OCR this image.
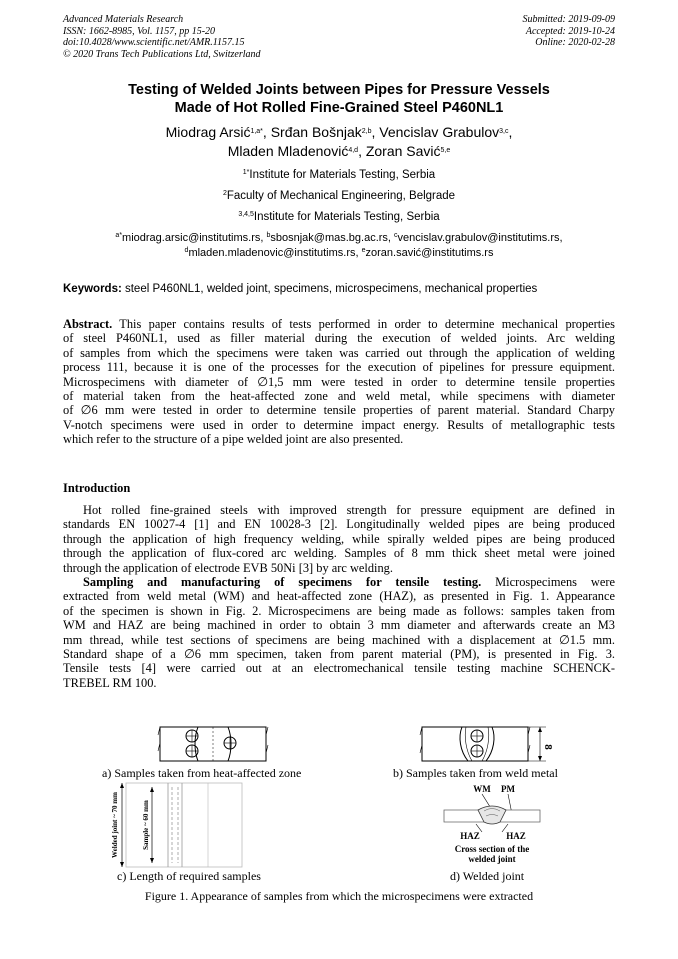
Advanced Materials Research
ISSN: 1662-8985, Vol. 1157, pp 15-20
doi:10.4028/www.scientific.net/AMR.1157.15
© 2020 Trans Tech Publications Ltd, Switzerland
Submitted: 2019-09-09
Accepted: 2019-10-24
Online: 2020-02-28
Testing of Welded Joints between Pipes for Pressure Vessels
Made of Hot Rolled Fine-Grained Steel P460NL1
Miodrag Arsić$^{1,a*}$, Srđan Bošnjak$^{2,b}$, Vencislav Grabulov$^{3,c}$,
Mladen Mladenović$^{4,d}$, Zoran Savić$^{5,e}$
$^{1*}$Institute for Materials Testing, Serbia
$^2$Faculty of Mechanical Engineering, Belgrade
$^{3,4,5}$Institute for Materials Testing, Serbia
$^{a*}$miodrag.arsic@institutims.rs, $^b$sbosnjak@mas.bg.ac.rs, $^c$vencislav.grabulov@institutims.rs,
$^d$mladen.mladenovic@institutims.rs, $^e$zoran.savić@institutims.rs
Keywords: steel P460NL1, welded joint, specimens, microspecimens, mechanical properties
Abstract. This paper contains results of tests performed in order to determine mechanical properties
of steel P460NL1, used as filler material during the execution of welded joints. Arc welding
of samples from which the specimens were taken was carried out through the application of welding
process 111, because it is one of the processes for the execution of pipelines for pressure equipment.
Microspecimens with diameter of ∅1,5 mm were tested in order to determine tensile properties
of material taken from the heat-affected zone and weld metal, while specimens with diameter
of ∅6 mm were tested in order to determine tensile properties of parent material. Standard Charpy
V-notch specimens were used in order to determine impact energy. Results of metallographic tests
which refer to the structure of a pipe welded joint are also presented.
Introduction
Hot rolled fine-grained steels with improved strength for pressure equipment are defined in
standards EN 10027-4 [1] and EN 10028-3 [2]. Longitudinally welded pipes are being produced
through the application of high frequency welding, while spirally welded pipes are being produced
through the application of flux-cored arc welding. Samples of 8 mm thick sheet metal were joined
through the application of electrode EVB 50Ni [3] by arc welding.
Sampling and manufacturing of specimens for tensile testing. Microspecimens were
extracted from weld metal (WM) and heat-affected zone (HAZ), as presented in Fig. 1. Appearance
of the specimen is shown in Fig. 2. Microspecimens are being made as follows: samples taken from
WM and HAZ are being machined in order to obtain 3 mm diameter and afterwards create an M3
mm thread, while test sections of specimens are being machined with a displacement at ∅1.5 mm.
Standard shape of a ∅6 mm specimen, taken from parent material (PM), is presented in Fig. 3.
Tensile tests [4] were carried out at an electromechanical tensile testing machine SCHENCK-
TREBEL RM 100.
a) Samples taken from heat-affected zone
8
b) Samples taken from weld metal
Welded joint ~ 70 mm	Sample ~ 60 mm
c) Length of required samples
WM PM
HAZ	HAZ
Cross section of the
welded joint
d) Welded joint
Figure 1. Appearance of samples from which the microspecimens were extracted
